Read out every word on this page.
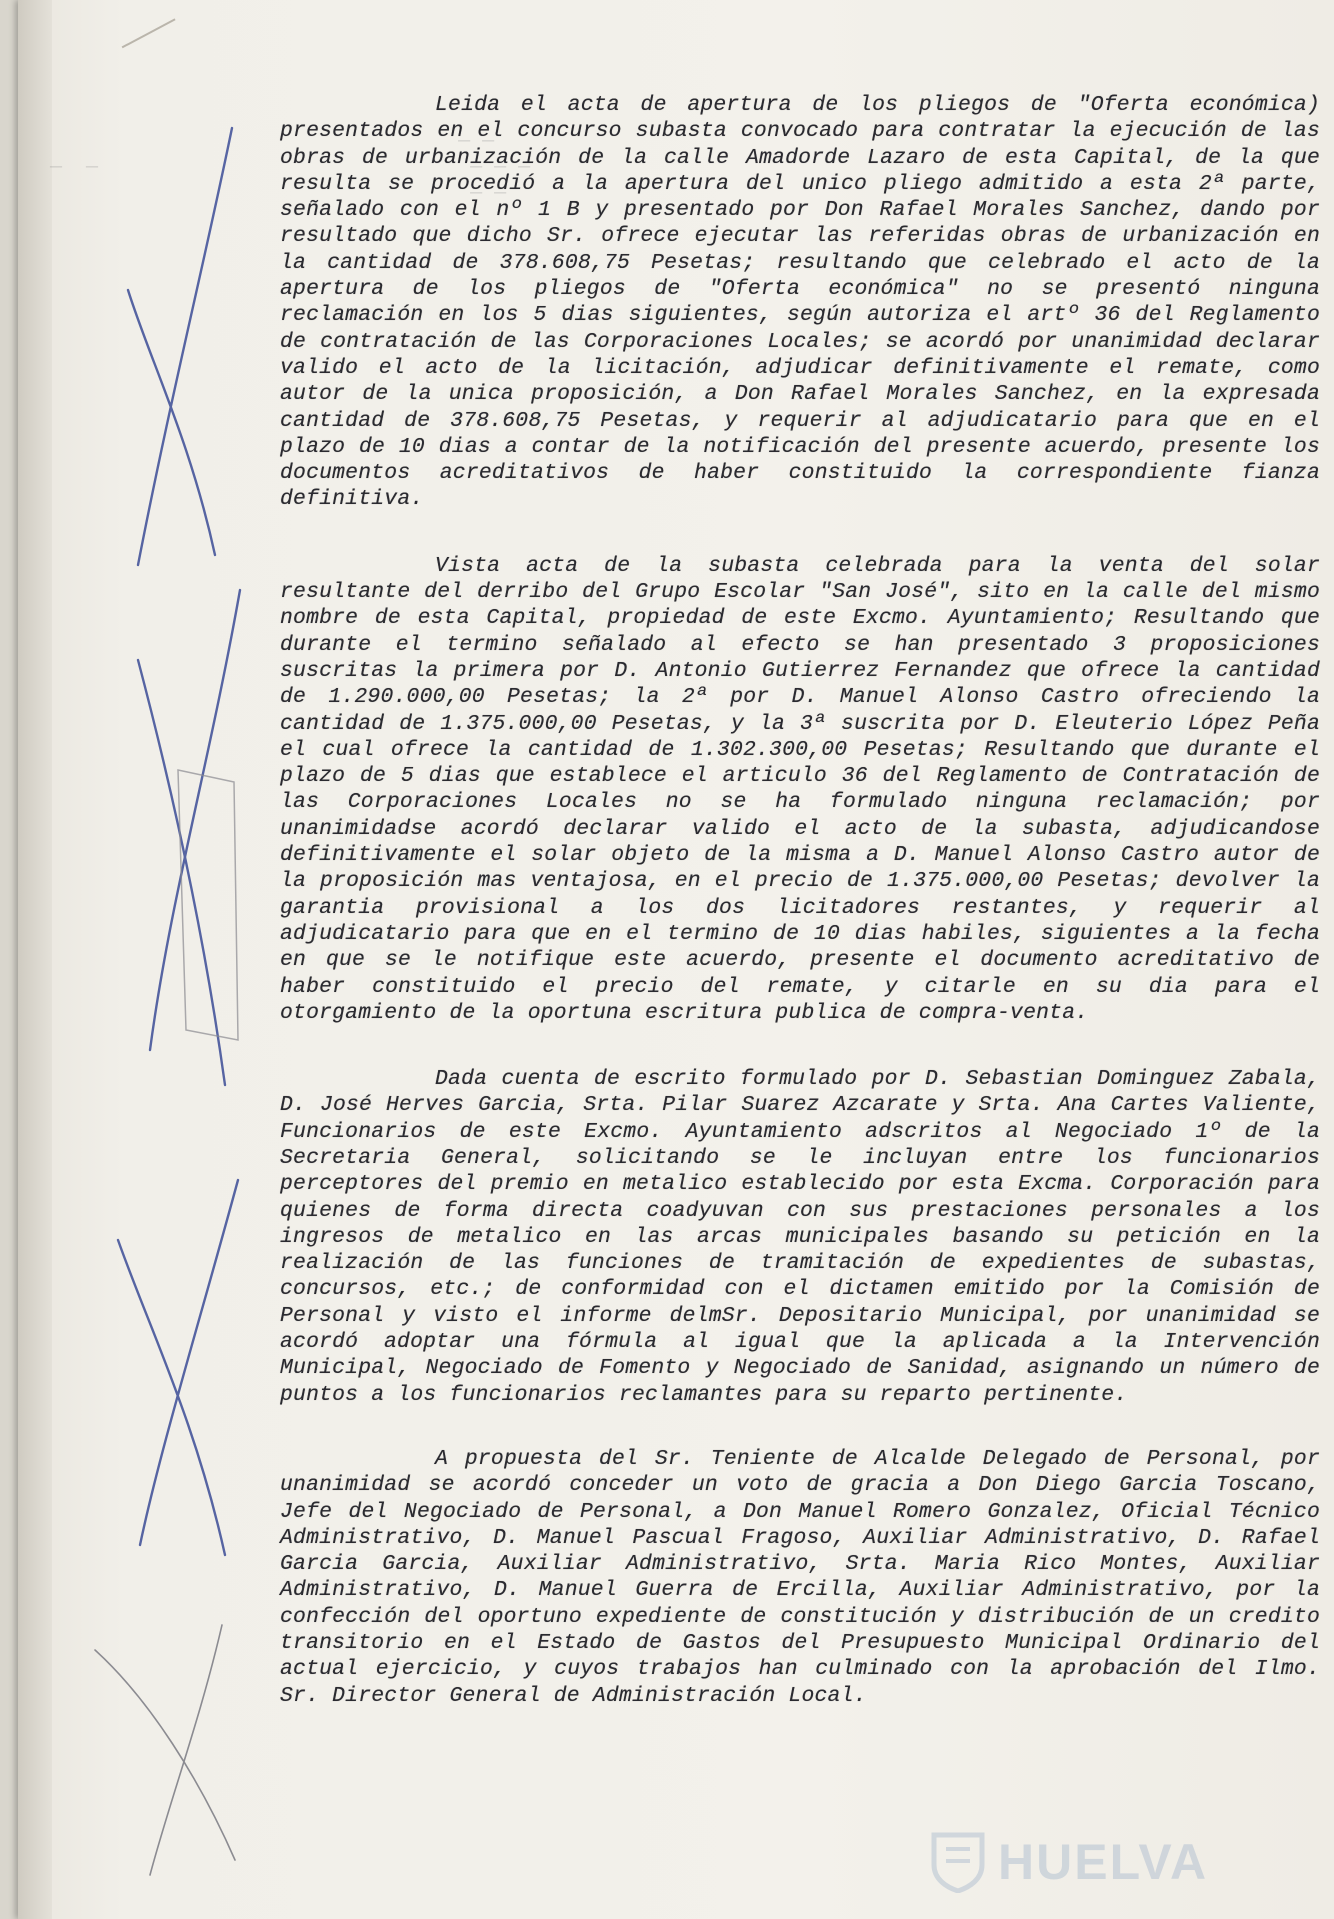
─ ─
─  ─                               ─ ─ ─
─ ─

Leida el acta de apertura de los pliegos de "Oferta económica) presentados en el concurso subasta convocado para contratar la ejecución de las obras de urbanización de la calle Amadorde Lazaro de esta Capital, de la que resulta se procedió a la apertura del unico pliego admitido a esta 2ª parte, señalado con el nº 1 B y presentado por Don Rafael Morales Sanchez, dando por resultado que dicho Sr. ofrece ejecutar las referidas obras de urbanización en la cantidad de 378.608,75 Pesetas; resultando que celebrado el acto de la apertura de los pliegos de "Oferta económica" no se presentó ninguna reclamación en los 5 dias siguientes, según autoriza el artº 36 del Reglamento de contratación de las Corporaciones Locales; se acordó por unanimidad declarar valido el acto de la licitación, adjudicar definitivamente el remate, como autor de la unica proposición, a Don Rafael Morales Sanchez, en la expresada cantidad de 378.608,75 Pesetas, y requerir al adjudicatario para que en el plazo de 10 dias a contar de la notificación del presente acuerdo, presente los documentos acreditativos de haber constituido la correspondiente fianza definitiva.

Vista acta de la subasta celebrada para la venta del solar resultante del derribo del Grupo Escolar "San José", sito en la calle del mismo nombre de esta Capital, propiedad de este Excmo. Ayuntamiento; Resultando que durante el termino señalado al efecto se han presentado 3 proposiciones suscritas la primera por D. Antonio Gutierrez Fernandez que ofrece la cantidad de 1.290.000,00 Pesetas; la 2ª por D. Manuel Alonso Castro ofreciendo la cantidad de 1.375.000,00 Pesetas, y la 3ª suscrita por D. Eleuterio López Peña el cual ofrece la cantidad de 1.302.300,00 Pesetas; Resultando que durante el plazo de 5 dias que establece el articulo 36 del Reglamento de Contratación de las Corporaciones Locales no se ha formulado ninguna reclamación; por unanimidadse acordó declarar valido el acto de la subasta, adjudicandose definitivamente el solar objeto de la misma a D. Manuel Alonso Castro autor de la proposición mas ventajosa, en el precio de 1.375.000,00 Pesetas; devolver la garantia provisional a los dos licitadores restantes, y requerir al adjudicatario para que en el termino de 10 dias habiles, siguientes a la fecha en que se le notifique este acuerdo, presente el documento acreditativo de haber constituido el precio del remate, y citarle en su dia para el otorgamiento de la oportuna escritura publica de compra-venta.

Dada cuenta de escrito formulado por D. Sebastian Dominguez Zabala, D. José Herves Garcia, Srta. Pilar Suarez Azcarate y Srta. Ana Cartes Valiente, Funcionarios de este Excmo. Ayuntamiento adscritos al Negociado 1º de la Secretaria General, solicitando se le incluyan entre los funcionarios perceptores del premio en metalico establecido por esta Excma. Corporación para quienes de forma directa coadyuvan con sus prestaciones personales a los ingresos de metalico en las arcas municipales basando su petición en la realización de las funciones de tramitación de expedientes de subastas, concursos, etc.; de conformidad con el dictamen emitido por la Comisión de Personal y visto el informe delmSr. Depositario Municipal, por unanimidad se acordó adoptar una fórmula al igual que la aplicada a la Intervención Municipal, Negociado de Fomento y Negociado de Sanidad, asignando un número de puntos a los funcionarios reclamantes para su reparto pertinente.

A propuesta del Sr. Teniente de Alcalde Delegado de Personal, por unanimidad se acordó conceder un voto de gracia a Don Diego Garcia Toscano, Jefe del Negociado de Personal, a Don Manuel Romero Gonzalez, Oficial Técnico Administrativo, D. Manuel Pascual Fragoso, Auxiliar Administrativo, D. Rafael Garcia Garcia, Auxiliar Administrativo, Srta. Maria Rico Montes, Auxiliar Administrativo, D. Manuel Guerra de Ercilla, Auxiliar Administrativo, por la confección del oportuno expediente de constitución y distribución de un credito transitorio en el Estado de Gastos del Presupuesto Municipal Ordinario del actual ejercicio, y cuyos trabajos han culminado con la aprobación del Ilmo. Sr. Director General de Administración Local.

HUELVA
